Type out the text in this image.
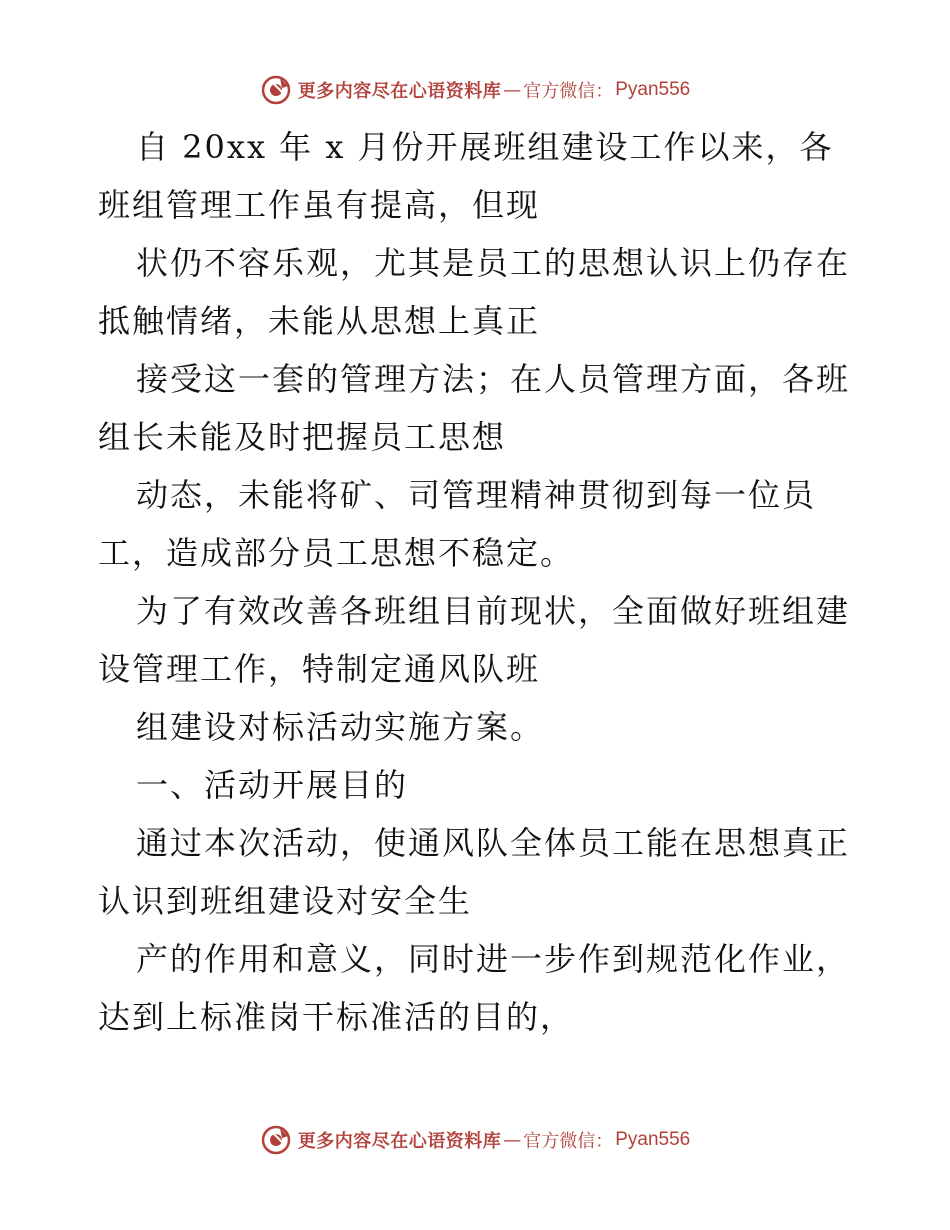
更多内容尽在心语资料库 — 官方微信： Pyan556

自 20xx 年 x 月份开展班组建设工作以来，各
班组管理工作虽有提高，但现

状仍不容乐观，尤其是员工的思想认识上仍存在
抵触情绪，未能从思想上真正

接受这一套的管理方法；在人员管理方面，各班
组长未能及时把握员工思想

动态，未能将矿、司管理精神贯彻到每一位员
工，造成部分员工思想不稳定。

为了有效改善各班组目前现状，全面做好班组建
设管理工作，特制定通风队班

组建设对标活动实施方案。

一、活动开展目的

通过本次活动，使通风队全体员工能在思想真正
认识到班组建设对安全生

产的作用和意义，同时进一步作到规范化作业，
达到上标准岗干标准活的目的，

更多内容尽在心语资料库 — 官方微信： Pyan556
